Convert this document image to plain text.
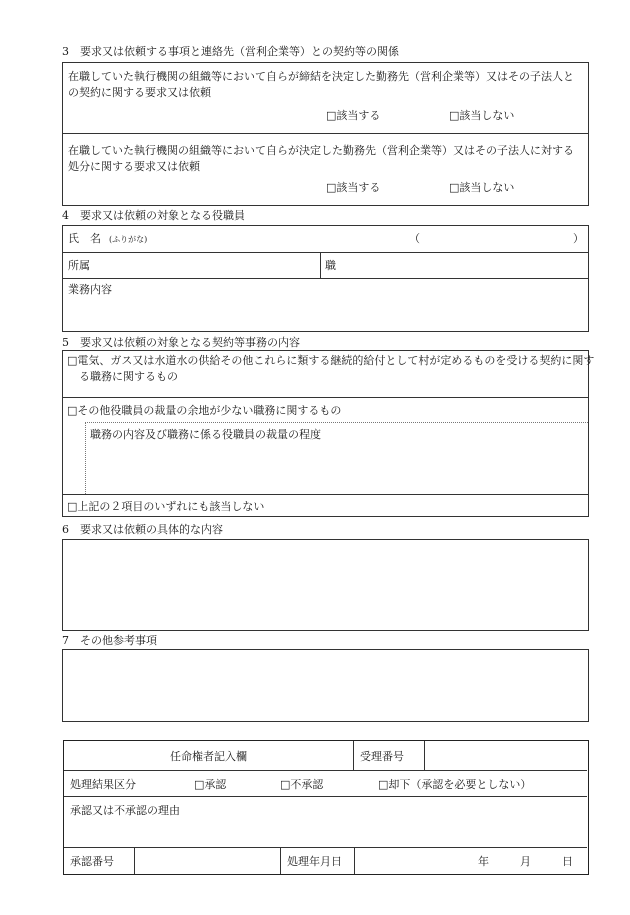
3　要求又は依頼する事項と連絡先（営利企業等）との契約等の関係
在職していた執行機関の組織等において自らが締結を決定した勤務先（営利企業等）又はその子法人との契約に関する要求又は依頼
□該当する	□該当しない
在職していた執行機関の組織等において自らが決定した勤務先（営利企業等）又はその子法人に対する処分に関する要求又は依頼
□該当する	□該当しない
4　要求又は依頼の対象となる役職員
氏　名 (ふりがな)	（	）
所属	職
業務内容
5　要求又は依頼の対象となる契約等事務の内容
□電気、ガス又は水道水の供給その他これらに類する継続的給付として村が定めるものを受ける契約に関する職務に関するもの
□その他役職員の裁量の余地が少ない職務に関するもの
職務の内容及び職務に係る役職員の裁量の程度
□上記の２項目のいずれにも該当しない
6　要求又は依頼の具体的な内容
7　その他参考事項
任命権者記入欄	受理番号
処理結果区分	□承認	□不承認	□却下（承認を必要としない）
承認又は不承認の理由
承認番号	処理年月日	年	月	日
